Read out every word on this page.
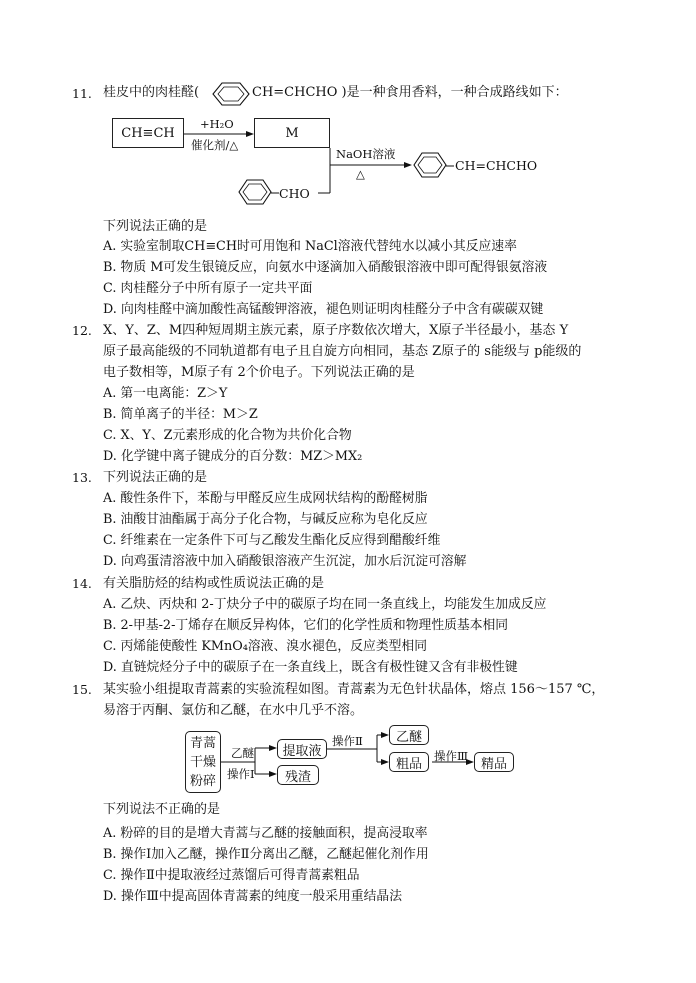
11. 桂皮中的肉桂醛(	CH=CHCHO )是一种食用香料，一种合成路线如下：
CH≡CH
+H₂O
催化剂/△
M
CHO
NaOH溶液
△
CH=CHCHO
下列说法正确的是
A. 实验室制取CH≡CH时可用饱和 NaCl溶液代替纯水以减小其反应速率
B. 物质 M可发生银镜反应，向氨水中逐滴加入硝酸银溶液中即可配得银氨溶液
C. 肉桂醛分子中所有原子一定共平面
D. 向肉桂醛中滴加酸性高锰酸钾溶液，褪色则证明肉桂醛分子中含有碳碳双键
12. X、Y、Z、M四种短周期主族元素，原子序数依次增大，X原子半径最小，基态 Y
原子最高能级的不同轨道都有电子且自旋方向相同，基态 Z原子的 s能级与 p能级的
电子数相等，M原子有 2个价电子。下列说法正确的是
A. 第一电离能：Z＞Y
B. 简单离子的半径：M＞Z
C. X、Y、Z元素形成的化合物为共价化合物
D. 化学键中离子键成分的百分数：MZ＞MX₂
13. 下列说法正确的是
A. 酸性条件下，苯酚与甲醛反应生成网状结构的酚醛树脂
B. 油酸甘油酯属于高分子化合物，与碱反应称为皂化反应
C. 纤维素在一定条件下可与乙酸发生酯化反应得到醋酸纤维
D. 向鸡蛋清溶液中加入硝酸银溶液产生沉淀，加水后沉淀可溶解
14. 有关脂肪烃的结构或性质说法正确的是
A. 乙炔、丙炔和 2-丁炔分子中的碳原子均在同一条直线上，均能发生加成反应
B. 2-甲基-2-丁烯存在顺反异构体，它们的化学性质和物理性质基本相同
C. 丙烯能使酸性 KMnO₄溶液、溴水褪色，反应类型相同
D. 直链烷烃分子中的碳原子在一条直线上，既含有极性键又含有非极性键
15. 某实验小组提取青蒿素的实验流程如图。青蒿素为无色针状晶体，熔点 156～157 ℃，
易溶于丙酮、氯仿和乙醚，在水中几乎不溶。
青蒿
干燥
粉碎
乙醚
操作Ⅰ
提取液
残渣
操作Ⅱ	乙醚
粗品
操作Ⅲ
精品
下列说法不正确的是
A. 粉碎的目的是增大青蒿与乙醚的接触面积，提高浸取率
B. 操作Ⅰ加入乙醚，操作Ⅱ分离出乙醚，乙醚起催化剂作用
C. 操作Ⅱ中提取液经过蒸馏后可得青蒿素粗品
D. 操作Ⅲ中提高固体青蒿素的纯度一般采用重结晶法
